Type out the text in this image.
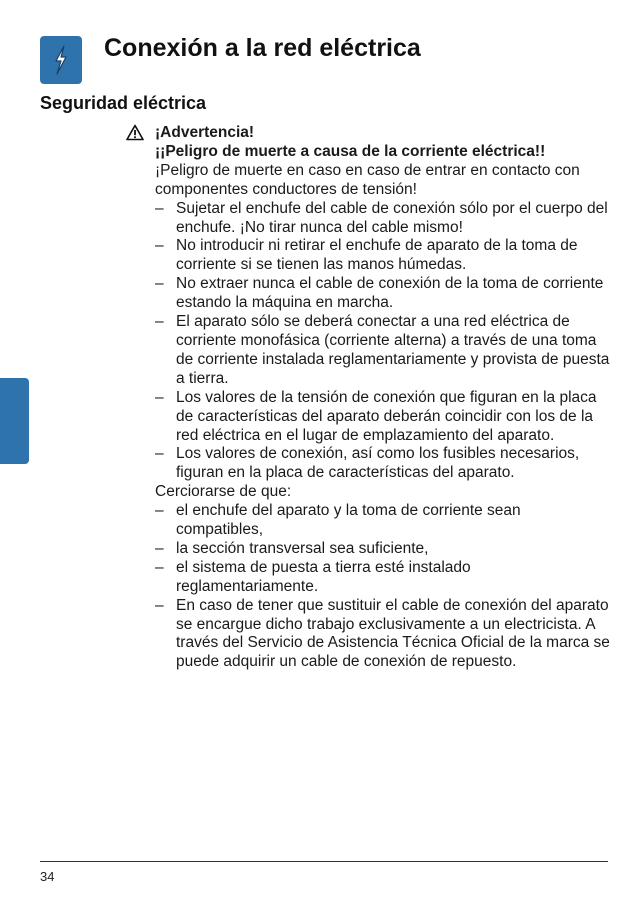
Conexión a la red eléctrica
Seguridad eléctrica
¡Advertencia!
¡¡Peligro de muerte a causa de la corriente eléctrica!!

¡Peligro de muerte en caso en caso de entrar en contacto con componentes conductores de tensión!

– Sujetar el enchufe del cable de conexión sólo por el cuerpo del enchufe. ¡No tirar nunca del cable mismo!
– No introducir ni retirar el enchufe de aparato de la toma de corriente si se tienen las manos húmedas.
– No extraer nunca el cable de conexión de la toma de corriente estando la máquina en marcha.
– El aparato sólo se deberá conectar a una red eléctrica de corriente monofásica (corriente alterna) a través de una toma de corriente instalada reglamentariamente y provista de puesta a tierra.
– Los valores de la tensión de conexión que figuran en la placa de características del aparato deberán coincidir con los de la red eléctrica en el lugar de emplazamiento del aparato.
– Los valores de conexión, así como los fusibles necesarios, figuran en la placa de características del aparato.

Cerciorarse de que:

– el enchufe del aparato y la toma de corriente sean compatibles,
– la sección transversal sea suficiente,
– el sistema de puesta a tierra esté instalado reglamentariamente.
– En caso de tener que sustituir el cable de conexión del aparato se encargue dicho trabajo exclusivamente a un electricista. A través del Servicio de Asistencia Técnica Oficial de la marca se puede adquirir un cable de conexión de repuesto.
34
